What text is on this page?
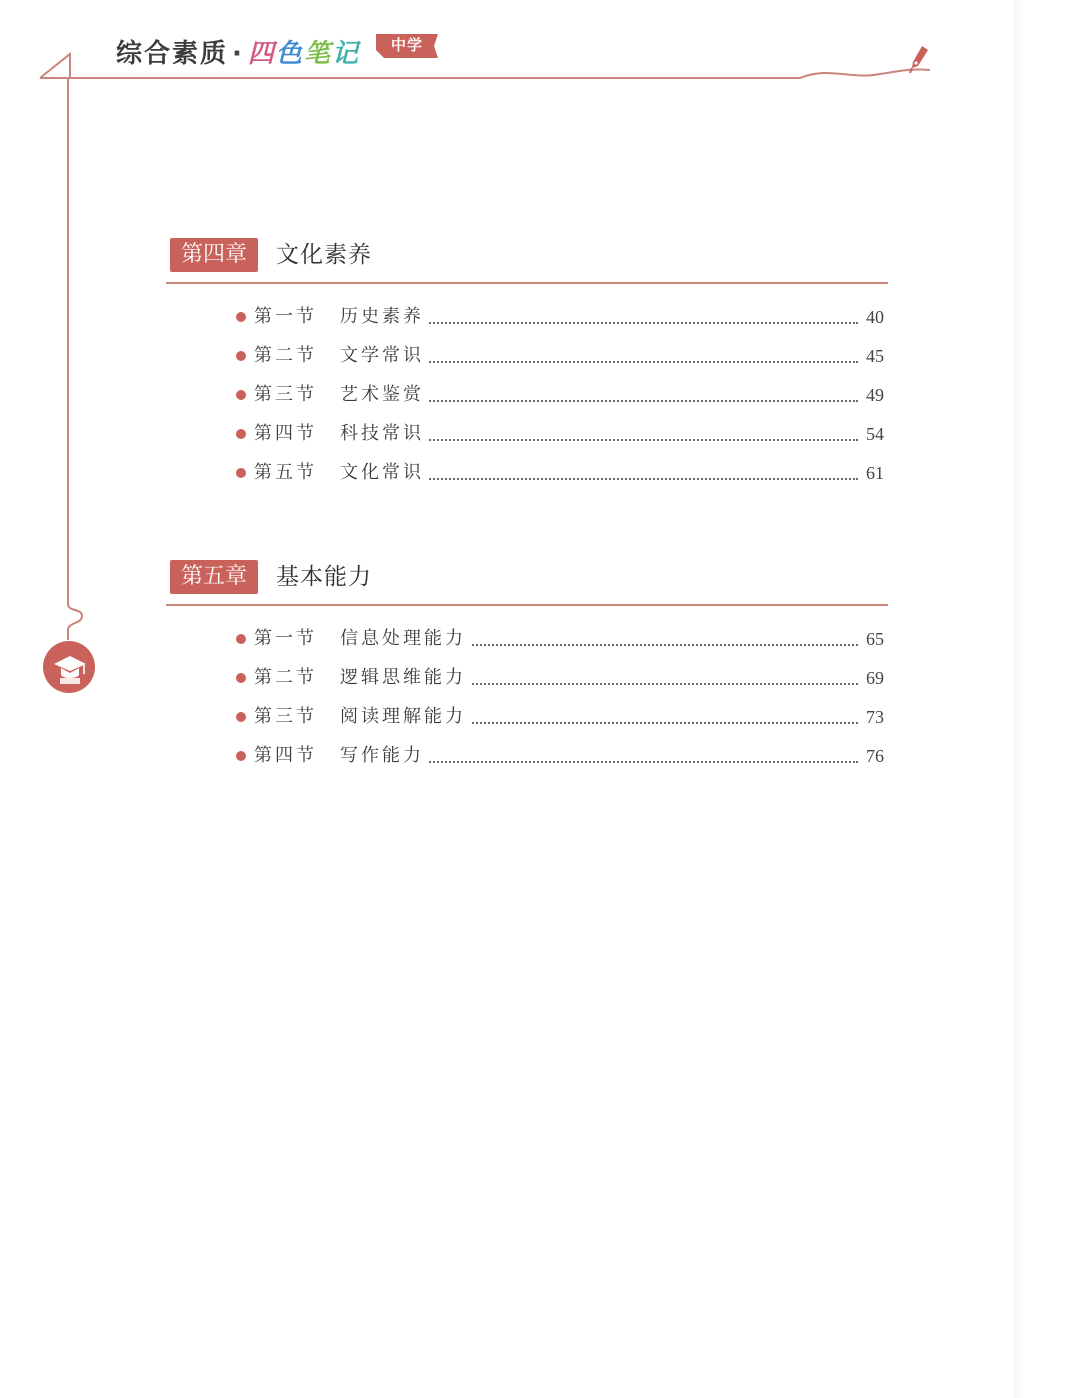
综合素质 · 四色笔记	中学
第四章	文化素养
第一节 历史素养	40
第二节 文学常识	45
第三节 艺术鉴赏	49
第四节 科技常识	54
第五节 文化常识	61
第五章	基本能力
第一节 信息处理能力	65
第二节 逻辑思维能力	69
第三节 阅读理解能力	73
第四节 写作能力	76
